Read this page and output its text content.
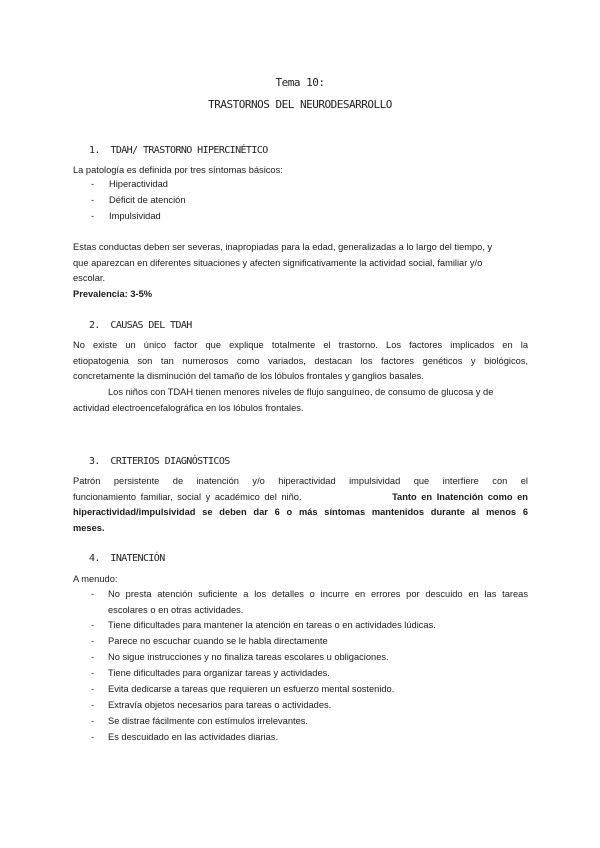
Tema 10:
TRASTORNOS DEL NEURODESARROLLO
1. TDAH/ TRASTORNO HIPERCINÉTICO
La patología es definida por tres síntomas básicos:
- Hiperactividad
- Déficit de atención
- Impulsividad
Estas conductas deben ser severas, inapropiadas para la edad, generalizadas a lo largo del tiempo, y
que aparezcan en diferentes situaciones y afecten significativamente la actividad social, familiar y/o
escolar.
Prevalencia: 3-5%
2. CAUSAS DEL TDAH
No existe un único factor que explique totalmente el trastorno. Los factores implicados en la
etiopatogenia son tan numerosos como variados, destacan los factores genéticos y biológicos,
concretamente la disminución del tamaño de los lóbulos frontales y ganglios basales.
Los niños con TDAH tienen menores niveles de flujo sanguíneo, de consumo de glucosa y de
actividad electroencefalográfica en los lóbulos frontales.
3. CRITERIOS DIAGNÓSTICOS
Patrón persistente de inatención y/o hiperactividad impulsividad que interfiere con el
funcionamiento familiar, social y académico del niño.	Tanto en Inatención como en
hiperactividad/impulsividad se deben dar 6 o más síntomas mantenidos durante al menos 6
meses.
4. INATENCIÓN
A menudo:
- No presta atención suficiente a los detalles o incurre en errores por descuido en las tareas
escolares o en otras actividades.
- Tiene dificultades para mantener la atención en tareas o en actividades lúdicas.
- Parece no escuchar cuando se le habla directamente
- No sigue instrucciones y no finaliza tareas escolares u obligaciones.
- Tiene dificultades para organizar tareas y actividades.
- Evita dedicarse a tareas que requieren un esfuerzo mental sostenido.
- Extravía objetos necesarios para tareas o actividades.
- Se distrae fácilmente con estímulos irrelevantes.
- Es descuidado en las actividades diarias.
